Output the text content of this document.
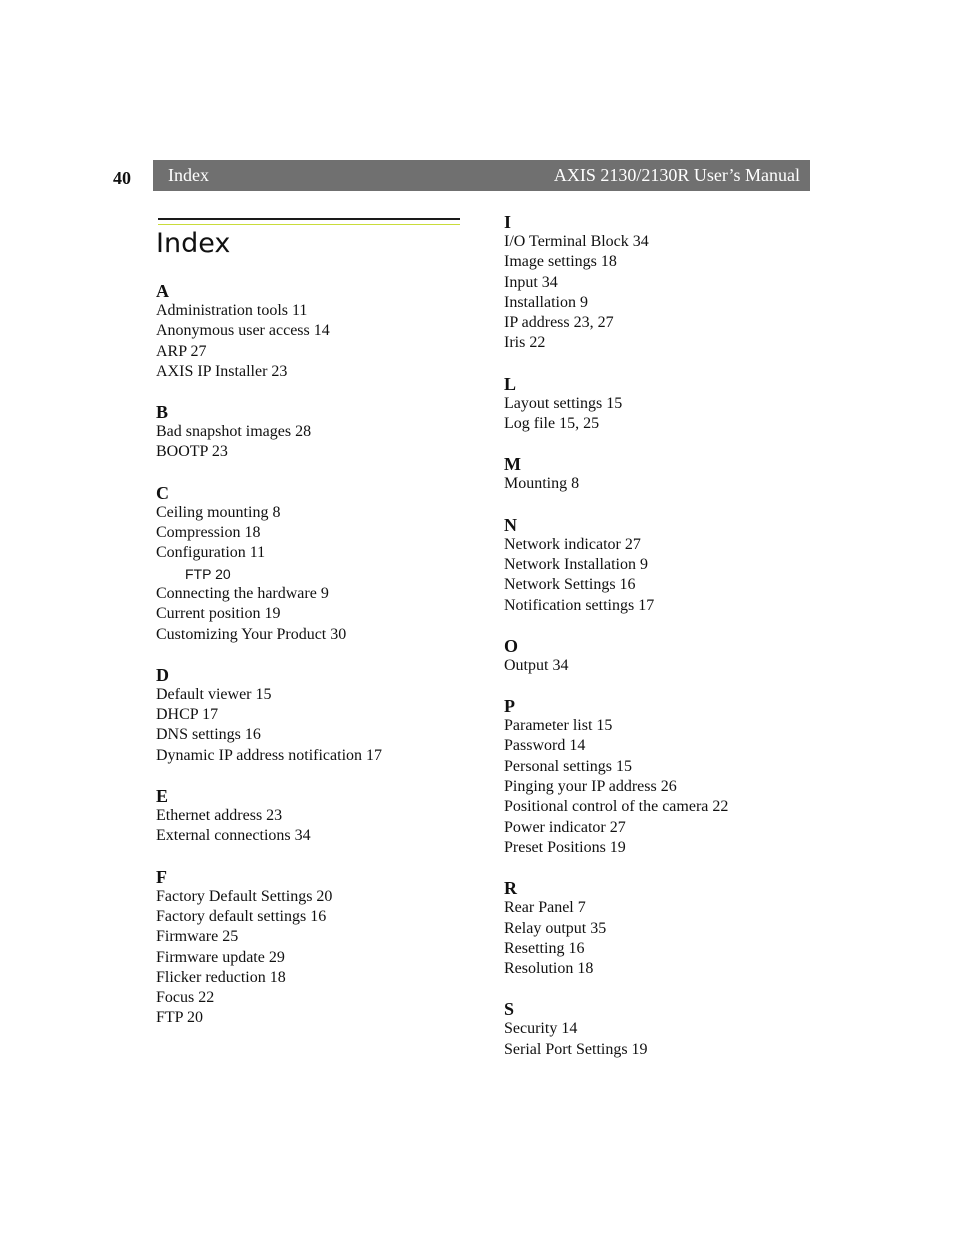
40 Index	AXIS 2130/2130R User’s Manual
Index
A
Administration tools 11
Anonymous user access 14
ARP 27
AXIS IP Installer 23
B
Bad snapshot images 28
BOOTP 23
C
Ceiling mounting 8
Compression 18
Configuration 11
FTP 20
Connecting the hardware 9
Current position 19
Customizing Your Product 30
D
Default viewer 15
DHCP 17
DNS settings 16
Dynamic IP address notification 17
E
Ethernet address 23
External connections 34
F
Factory Default Settings 20
Factory default settings 16
Firmware 25
Firmware update 29
Flicker reduction 18
Focus 22
FTP 20
I
I/O Terminal Block 34
Image settings 18
Input 34
Installation 9
IP address 23, 27
Iris 22
L
Layout settings 15
Log file 15, 25
M
Mounting 8
N
Network indicator 27
Network Installation 9
Network Settings 16
Notification settings 17
O
Output 34
P
Parameter list 15
Password 14
Personal settings 15
Pinging your IP address 26
Positional control of the camera 22
Power indicator 27
Preset Positions 19
R
Rear Panel 7
Relay output 35
Resetting 16
Resolution 18
S
Security 14
Serial Port Settings 19
